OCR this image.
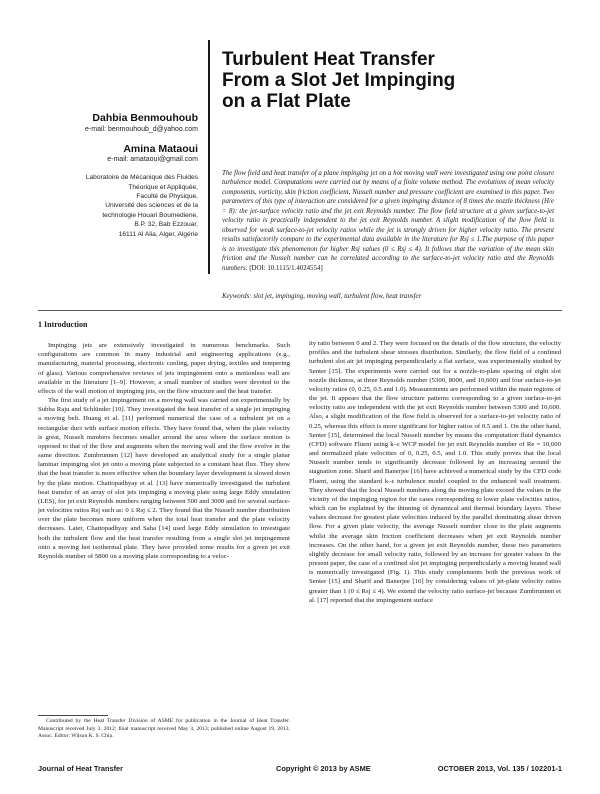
Dahbia Benmouhoub
e-mail: benmouhoub_d@yahoo.com
Amina Mataoui
e-mail: amataoui@gmail.com
Laboratoire de Mécanique des Fluides
Théorique et Appliquée,
Faculté de Physique,
Université des sciences et de la
technologie Houari Boumediene,
B.P. 32, Bab Ezzouar,
16111 Al Alia, Alger, Algérie
Turbulent Heat Transfer
From a Slot Jet Impinging
on a Flat Plate
The flow field and heat transfer of a plane impinging jet on a hot moving wall were investigated using one point closure turbulence model. Computations were carried out by means of a finite volume method. The evolutions of mean velocity components, vorticity, skin friction coefficient, Nusselt number and pressure coefficient are examined in this paper. Two parameters of this type of interaction are considered for a given impinging distance of 8 times the nozzle thickness (H/e = 8): the jet-surface velocity ratio and the jet exit Reynolds number. The flow field structure at a given surface-to-jet velocity ratio is practically independent to the jet exit Reynolds number. A slight modification of the flow field is observed for weak surface-to-jet velocity ratios while the jet is strongly driven for higher velocity ratio. The present results satisfactorily compare to the experimental data available in the literature for Rsj ≤ 1.The purpose of this paper is to investigate this phenomenon for higher Rsj values (0 ≤ Rsj ≤ 4). It follows that the variation of the mean skin friction and the Nusselt number can be correlated according to the surface-to-jet velocity ratio and the Reynolds numbers. [DOI: 10.1115/1.4024554]
Keywords: slot jet, impinging, moving wall, turbulent flow, heat transfer
1 Introduction

Impinging jets are extensively investigated in numerous benchmarks. Such configurations are common in many industrial and engineering applications (e.g., manufacturing, material processing, electronic cooling, paper drying, textiles and tempering of glass). Various comprehensive reviews of jets impingement onto a motionless wall are available in the literature [1–9]. However, a small number of studies were devoted to the effects of the wall motion of impinging jets, on the flow structure and the heat transfer.

The first study of a jet impingement on a moving wall was carried out experimentally by Subba Raju and Schlünder [10]. They investigated the heat transfer of a single jet impinging a moving belt. Huang et al. [11] performed numerical the case of a turbulent jet on a rectangular duct with surface motion effects. They have found that, when the plate velocity is great, Nusselt numbers becomes smaller around the area where the surface motion is opposed to that of the flow and augments when the moving wall and the flow evolve in the same direction. Zumbrunnen [12] have developed an analytical study for a single planar laminar impinging slot jet onto a moving plate subjected to a constant heat flux. They show that the heat transfer is more effective when the boundary layer development is slowed down by the plate motion. Chattopadhyay et al. [13] have numerically investigated the turbulent heat transfer of an array of slot jets impinging a moving plate using large Eddy simulation (LES), for jet exit Reynolds numbers ranging between 500 and 3000 and for several surface-jet velocities ratios Rsj such as: 0 ≤ Rsj ≤ 2. They found that the Nusselt number distribution over the plate becomes more uniform when the total heat transfer and the plate velocity decreases. Later, Chattopadhyay and Saha [14] used large Eddy simulation to investigate both the turbulent flow and the heat transfer resulting from a single slot jet impingement onto a moving hot isothermal plate. They have provided some results for a given jet exit Reynolds number of 5800 on a moving plate corresponding to a veloc-

ity ratio between 0 and 2. They were focused on the details of the flow structure, the velocity profiles and the turbulent shear stresses distribution. Similarly, the flow field of a confined turbulent slot air jet impinging perpendicularly a flat surface, was experimentally studied by Senter [15]. The experiments were carried out for a nozzle-to-plate spacing of eight slot nozzle thickness, at three Reynolds number (5300, 8000, and 10,600) and four surface-to-jet velocity ratios (0, 0.25, 0.5 and 1.0). Measurements are performed within the main regions of the jet. It appears that the flow structure patterns corresponding to a given surface-to-jet velocity ratio are independent with the jet exit Reynolds number between 5300 and 10,600. Also, a slight modification of the flow field is observed for a surface-to-jet velocity ratio of 0.25, whereas this effect is more significant for higher ratios of 0.5 and 1. On the other hand, Senter [15], determined the local Nusselt number by means the computation fluid dynamics (CFD) software Fluent using k–ε WCP model for jet exit Reynolds number of Re = 10,600 and normalized plate velocities of 0, 0.25, 0.5, and 1.0. This study proves that the local Nusselt number tends to significantly decrease followed by an increasing around the stagnation zone. Sharif and Banerjee [16] have achieved a numerical study by the CFD code Fluent, using the standard k–ε turbulence model coupled to the enhanced wall treatment. They showed that the local Nusselt numbers along the moving plate exceed the values in the vicinity of the impinging region for the cases corresponding to lower plate velocities ratios, which can be explained by the thinning of dynamical and thermal boundary layers. These values decrease for greatest plate velocities induced by the parallel dominating shear driven flow. For a given plate velocity, the average Nusselt number close to the plate augments whilst the average skin friction coefficient decreases when jet exit Reynolds number increases. On the other hand, for a given jet exit Reynolds number, these two parameters slightly decrease for small velocity ratio, followed by an increase for greater values In the present paper, the case of a confined slot jet impinging perpendicularly a moving heated wall is numerically investigated (Fig. 1). This study complements both the previous work of Senter [15] and Sharif and Banerjee [16] by considering values of jet-plate velocity ratios greater than 1 (0 ≤ Rsj ≤ 4). We extend the velocity ratio surface-jet because Zumbrunnen et al. [17] reported that the impingement surface

Contributed by the Heat Transfer Division of ASME for publication in the Journal of Heat Transfer. Manuscript received July 3, 2012; final manuscript received May 3, 2013; published online August 19, 2013. Assoc. Editor: Wilson K. S. Chiu.
Journal of Heat Transfer	Copyright © 2013 by ASME	OCTOBER 2013, Vol. 135 / 102201-1
